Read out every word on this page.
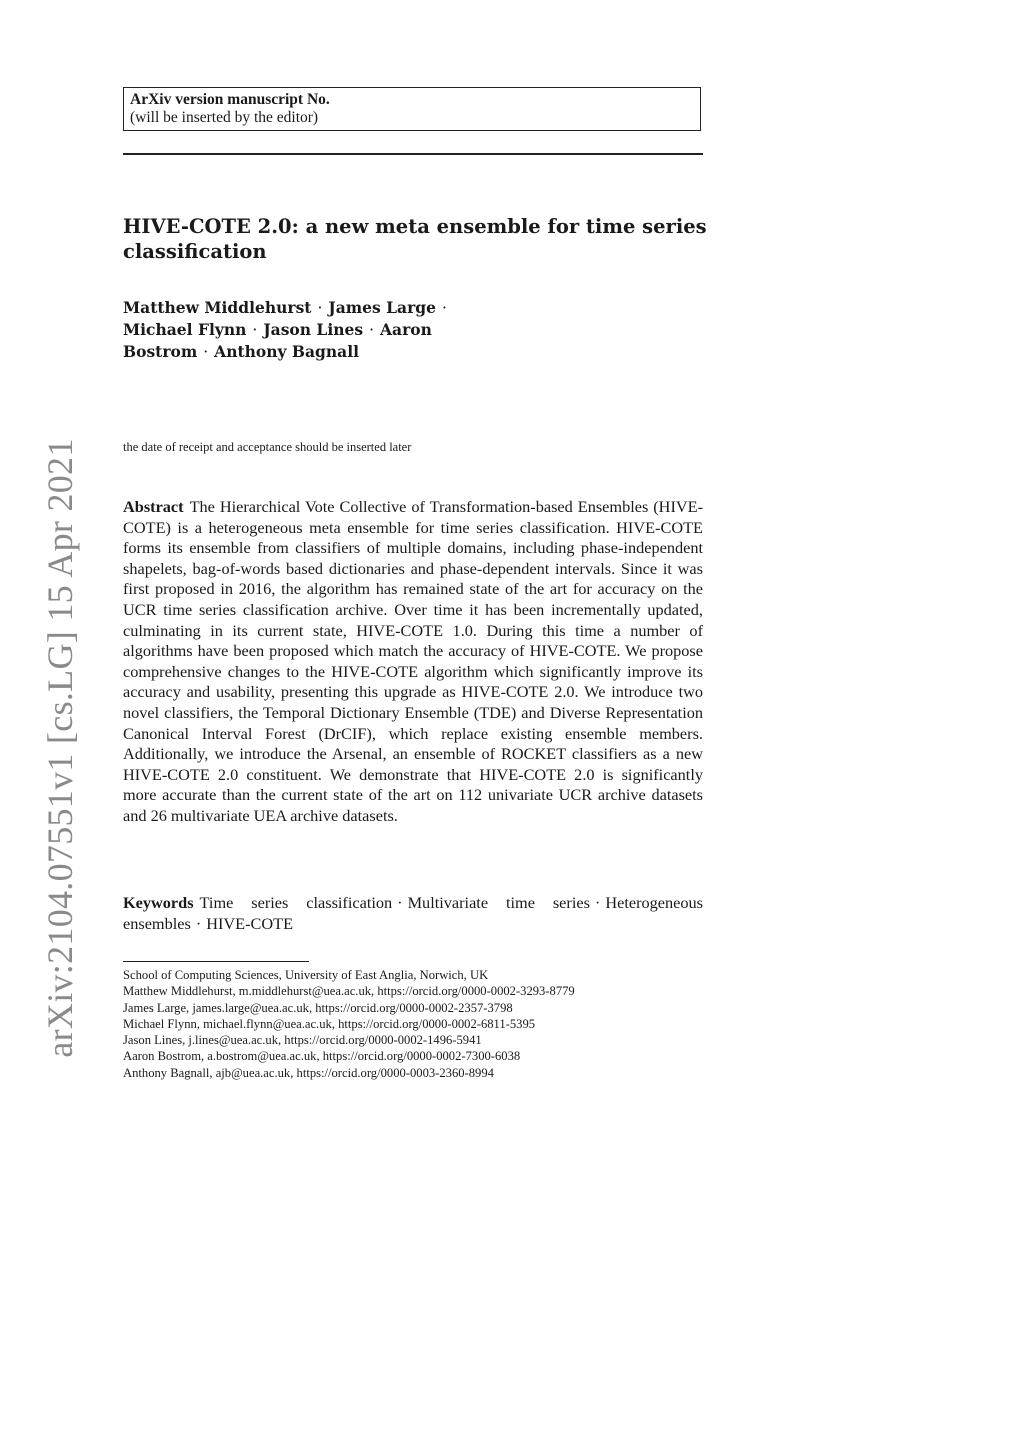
ArXiv version manuscript No.
(will be inserted by the editor)
HIVE-COTE 2.0: a new meta ensemble for time series classification
Matthew Middlehurst · James Large ·
Michael Flynn · Jason Lines · Aaron
Bostrom · Anthony Bagnall
the date of receipt and acceptance should be inserted later
Abstract The Hierarchical Vote Collective of Transformation-based Ensembles (HIVE-COTE) is a heterogeneous meta ensemble for time series classification. HIVE-COTE forms its ensemble from classifiers of multiple domains, including phase-independent shapelets, bag-of-words based dictionaries and phase-dependent intervals. Since it was first proposed in 2016, the algorithm has remained state of the art for accuracy on the UCR time series classification archive. Over time it has been incrementally updated, culminating in its current state, HIVE-COTE 1.0. During this time a number of algorithms have been proposed which match the accuracy of HIVE-COTE. We propose comprehensive changes to the HIVE-COTE algorithm which significantly improve its accuracy and usability, presenting this upgrade as HIVE-COTE 2.0. We introduce two novel classifiers, the Temporal Dictionary Ensemble (TDE) and Diverse Representation Canonical Interval Forest (DrCIF), which replace existing ensemble members. Additionally, we introduce the Arsenal, an ensemble of ROCKET classifiers as a new HIVE-COTE 2.0 constituent. We demonstrate that HIVE-COTE 2.0 is significantly more accurate than the current state of the art on 112 univariate UCR archive datasets and 26 multivariate UEA archive datasets.
Keywords Time series classification · Multivariate time series · Heterogeneous ensembles · HIVE-COTE
School of Computing Sciences, University of East Anglia, Norwich, UK
Matthew Middlehurst, m.middlehurst@uea.ac.uk, https://orcid.org/0000-0002-3293-8779
James Large, james.large@uea.ac.uk, https://orcid.org/0000-0002-2357-3798
Michael Flynn, michael.flynn@uea.ac.uk, https://orcid.org/0000-0002-6811-5395
Jason Lines, j.lines@uea.ac.uk, https://orcid.org/0000-0002-1496-5941
Aaron Bostrom, a.bostrom@uea.ac.uk, https://orcid.org/0000-0002-7300-6038
Anthony Bagnall, ajb@uea.ac.uk, https://orcid.org/0000-0003-2360-8994
arXiv:2104.07551v1 [cs.LG] 15 Apr 2021
